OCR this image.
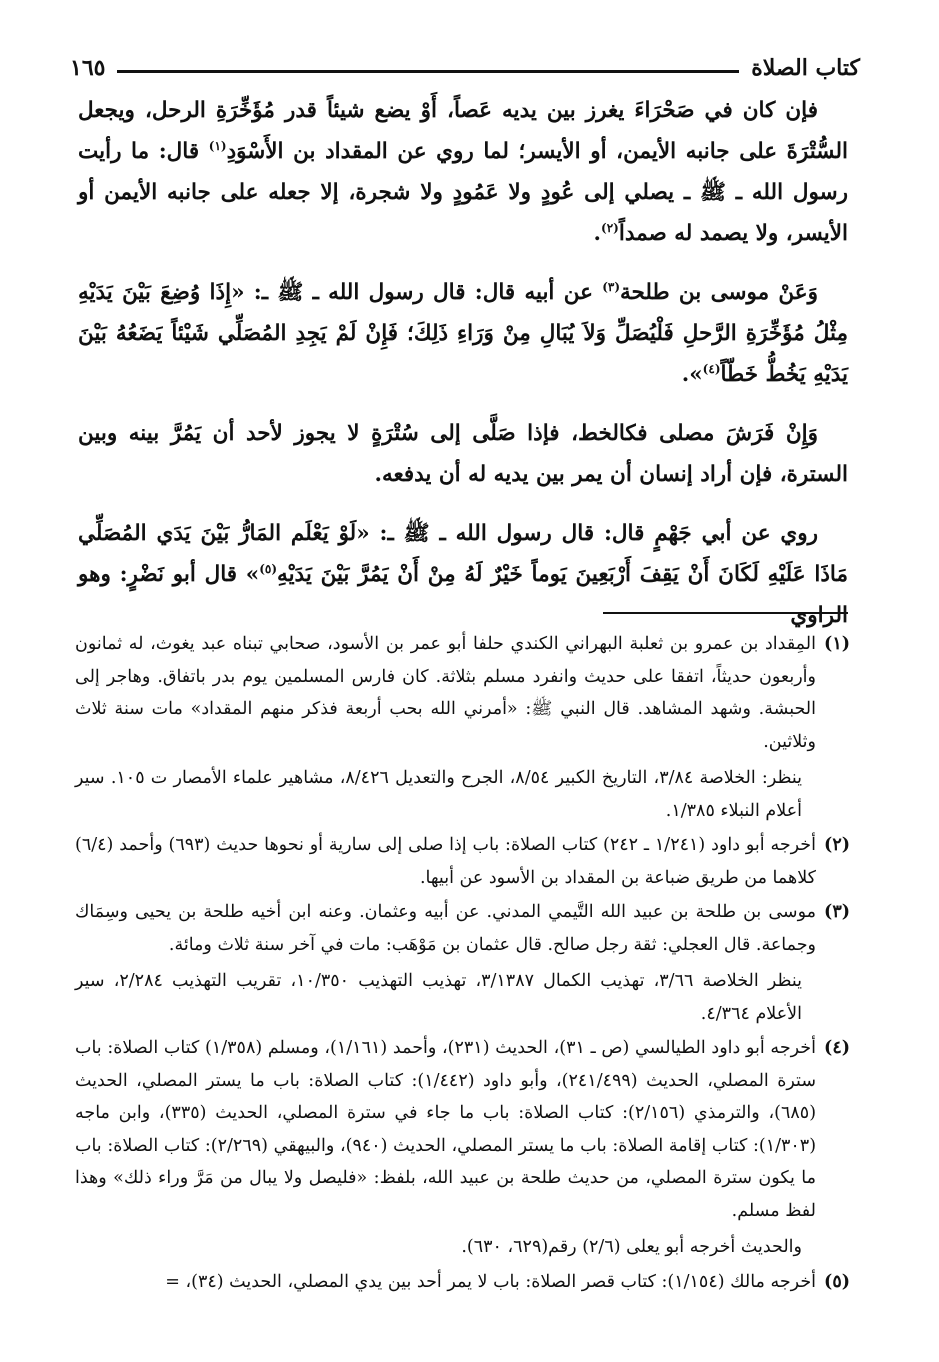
كتاب الصلاة
١٦٥

فإن كان في صَحْرَاءَ يغرز بين يديه عَصاً، أَوْ يضع شيئاً قدر مُؤَخِّرَةِ الرحل، ويجعل السُّتْرَةَ على جانبه الأيمن، أو الأيسر؛ لما روي عن المقداد بن الأَسْوَدِ$^{(١)}$ قال: ما رأيت رسول الله ـ ﷺ ـ يصلي إلى عُودٍ ولا عَمُودٍ ولا شجرة، إلا جعله على جانبه الأيمن أو الأيسر، ولا يصمد له صمداً$^{(٢)}$.

وَعَنْ موسى بن طلحة$^{(٣)}$ عن أبيه قال: قال رسول الله ـ ﷺ ـ: «إِذَا وُضِعَ بَيْنَ يَدَيْهِ مِثْلُ مُؤَخِّرَةِ الرَّحلِ فَلْيُصَلِّ وَلاَ يُبَالِ مِنْ وَرَاءِ ذَلِكَ؛ فَإِنْ لَمْ يَجِدِ المُصَلِّي شَيْئاً يَضَعُهُ بَيْنَ يَدَيْهِ يَخُطُّ خَطّاً$^{(٤)}$».

وَإِنْ فَرَشَ مصلى فكالخط، فإذا صَلَّى إلى سُتْرَةٍ لا يجوز لأحد أن يَمُرَّ بينه وبين السترة، فإن أراد إنسان أن يمر بين يديه له أن يدفعه.

روي عن أبي جَهْمٍ قال: قال رسول الله ـ ﷺ ـ: «لَوْ يَعْلَم المَارُّ بَيْنَ يَدَي المُصَلِّي مَاذَا عَلَيْهِ لَكَانَ أَنْ يَقِفَ أَرْبَعِينَ يَوماً خَيْرٌ لَهُ مِنْ أَنْ يَمُرَّ بَيْنَ يَدَيْهِ$^{(٥)}$» قال أبو نَضْرٍ: وهو الراوي

(١)
المِقداد بن عمرو بن ثعلبة البهراني الكندي حلفا أبو عمر بن الأسود، صحابي تبناه عبد يغوث، له ثمانون وأربعون حديثاً، اتفقا على حديث وانفرد مسلم بثلاثة. كان فارس المسلمين يوم بدر باتفاق. وهاجر إلى الحبشة. وشهد المشاهد. قال النبي ﷺ: «أمرني الله بحب أربعة فذكر منهم المقداد» مات سنة ثلاث وثلاثين.
ينظر: الخلاصة ٣/٨٤، التاريخ الكبير ٨/٥٤، الجرح والتعديل ٨/٤٢٦، مشاهير علماء الأمصار ت ١٠٥. سير أعلام النبلاء ١/٣٨٥.
(٢)
أخرجه أبو داود (١/٢٤١ ـ ٢٤٢) كتاب الصلاة: باب إذا صلى إلى سارية أو نحوها حديث (٦٩٣) وأحمد (٦/٤) كلاهما من طريق ضباعة بن المقداد بن الأسود عن أبيها.
(٣)
موسى بن طلحة بن عبيد الله التَّيمي المدني. عن أبيه وعثمان. وعنه ابن أخيه طلحة بن يحيى وسِمَاك وجماعة. قال العجلي: ثقة رجل صالح. قال عثمان بن مَوْهَب: مات في آخر سنة ثلاث ومائة.
ينظر الخلاصة ٣/٦٦، تهذيب الكمال ٣/١٣٨٧، تهذيب التهذيب ١٠/٣٥٠، تقريب التهذيب ٢/٢٨٤، سير الأعلام ٤/٣٦٤.
(٤)
أخرجه أبو داود الطيالسي (ص ـ ٣١)، الحديث (٢٣١)، وأحمد (١/١٦١)، ومسلم (١/٣٥٨) كتاب الصلاة: باب سترة المصلي، الحديث (٢٤١/٤٩٩)، وأبو داود (١/٤٤٢): كتاب الصلاة: باب ما يستر المصلي، الحديث (٦٨٥)، والترمذي (٢/١٥٦): كتاب الصلاة: باب ما جاء في سترة المصلي، الحديث (٣٣٥)، وابن ماجه (١/٣٠٣): كتاب إقامة الصلاة: باب ما يستر المصلي، الحديث (٩٤٠)، والبيهقي (٢/٢٦٩): كتاب الصلاة: باب ما يكون سترة المصلي، من حديث طلحة بن عبيد الله، بلفظ: «فليصل ولا يبال من مَرَّ وراء ذلك» وهذا لفظ مسلم.
والحديث أخرجه أبو يعلى (٢/٦) رقم(٦٢٩، ٦٣٠).
(٥)
أخرجه مالك (١/١٥٤): كتاب قصر الصلاة: باب لا يمر أحد بين يدي المصلي، الحديث (٣٤)، =
